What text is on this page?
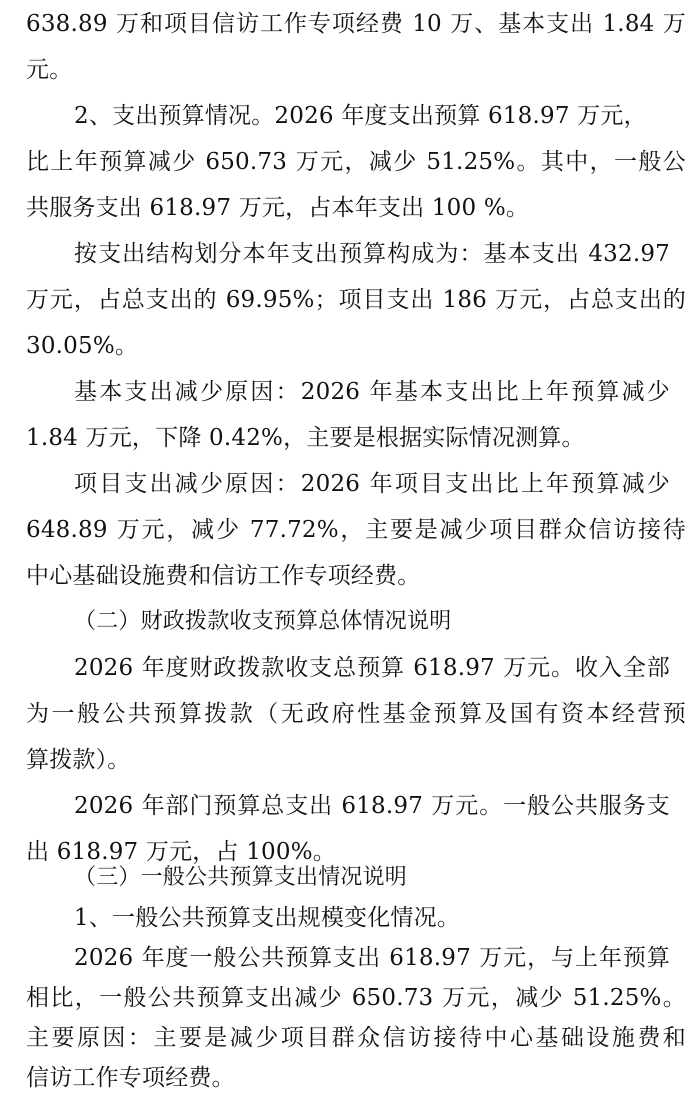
638.89 万和项目信访工作专项经费 10 万、基本支出 1.84 万
元。
2、支出预算情况。2026 年度支出预算 618.97 万元，
比上年预算减少 650.73 万元，减少 51.25%。其中，一般公
共服务支出 618.97 万元，占本年支出 100 %。
按支出结构划分本年支出预算构成为：基本支出 432.97
万元，占总支出的 69.95%；项目支出 186 万元，占总支出的
30.05%。
基本支出减少原因：2026 年基本支出比上年预算减少
1.84 万元，下降 0.42%，主要是根据实际情况测算。
项目支出减少原因：2026 年项目支出比上年预算减少
648.89 万元，减少 77.72%，主要是减少项目群众信访接待
中心基础设施费和信访工作专项经费。
（二）财政拨款收支预算总体情况说明
2026 年度财政拨款收支总预算 618.97 万元。收入全部
为一般公共预算拨款（无政府性基金预算及国有资本经营预
算拨款）。
2026 年部门预算总支出 618.97 万元。一般公共服务支
出 618.97 万元，占 100%。
（三）一般公共预算支出情况说明
1、一般公共预算支出规模变化情况。
2026 年度一般公共预算支出 618.97 万元，与上年预算
相比，一般公共预算支出减少 650.73 万元，减少 51.25%。
主要原因：主要是减少项目群众信访接待中心基础设施费和
信访工作专项经费。
